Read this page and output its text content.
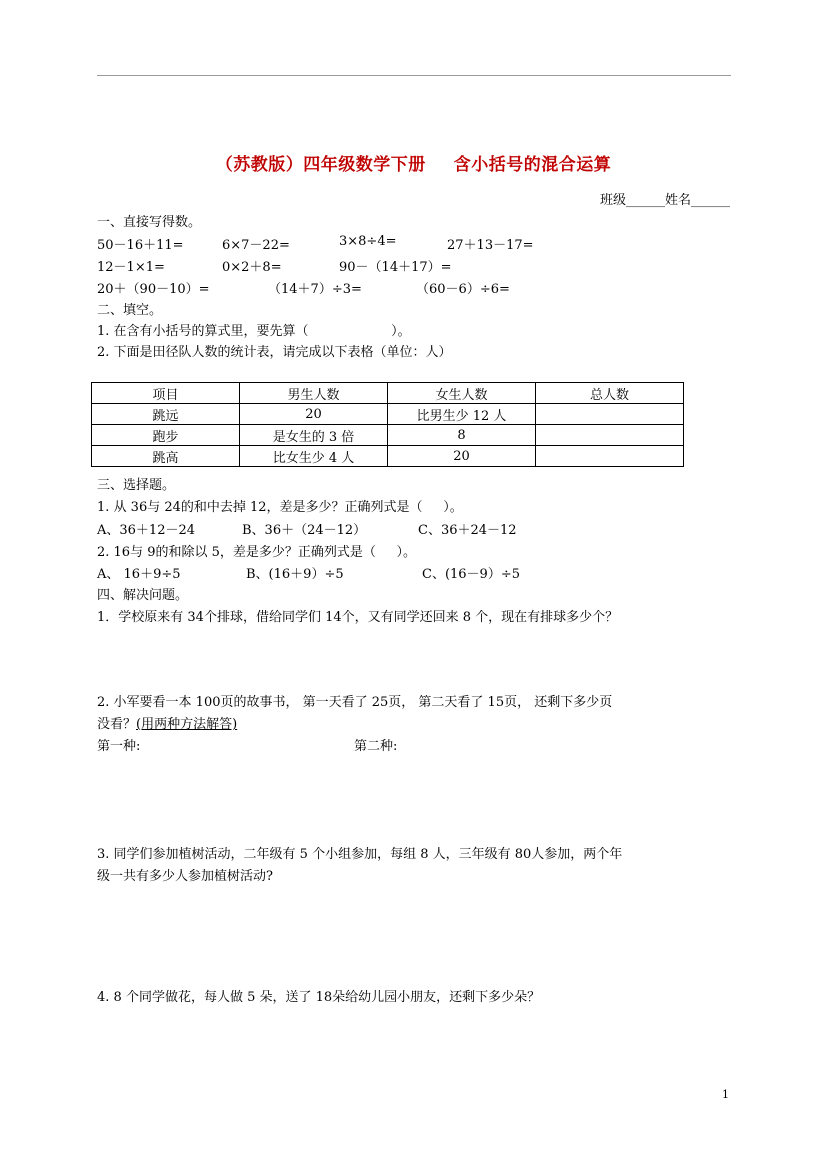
（苏教版）四年级数学下册 含小括号的混合运算
班级______姓名______
一、直接写得数。
50－16＋11=	6×7－22=	3×8÷4=	27＋13－17=
12－1×1=	0×2＋8=	90－（14＋17）=
20＋（90－10）=	（14＋7）÷3=	（60－6）÷6=
二、填空。
1. 在含有小括号的算式里，要先算（                    ）。
2. 下面是田径队人数的统计表，请完成以下表格（单位：人）
项目	男生人数	女生人数	总人数
跳远	20	比男生少 12 人	
跑步	是女生的 3 倍	8	
跳高	比女生少 4 人	20	
三、选择题。
1. 从 36与 24的和中去掉 12，差是多少？正确列式是（     ）。
A、36＋12－24	B、36＋（24－12）	C、36＋24－12
2. 16与 9的和除以 5，差是多少？正确列式是（     ）。
A、 16＋9÷5	B、(16＋9）÷5	C、(16－9）÷5
四、解决问题。
1．学校原来有 34个排球，借给同学们 14个，又有同学还回来 8 个，现在有排球多少个？
2. 小军要看一本 100页的故事书， 第一天看了 25页， 第二天看了 15页， 还剩下多少页
没看？(用两种方法解答)
第一种:	第二种:
3. 同学们参加植树活动，二年级有 5 个小组参加，每组 8 人，三年级有 80人参加，两个年
级一共有多少人参加植树活动?
4. 8 个同学做花，每人做 5 朵，送了 18朵给幼儿园小朋友，还剩下多少朵？
1
